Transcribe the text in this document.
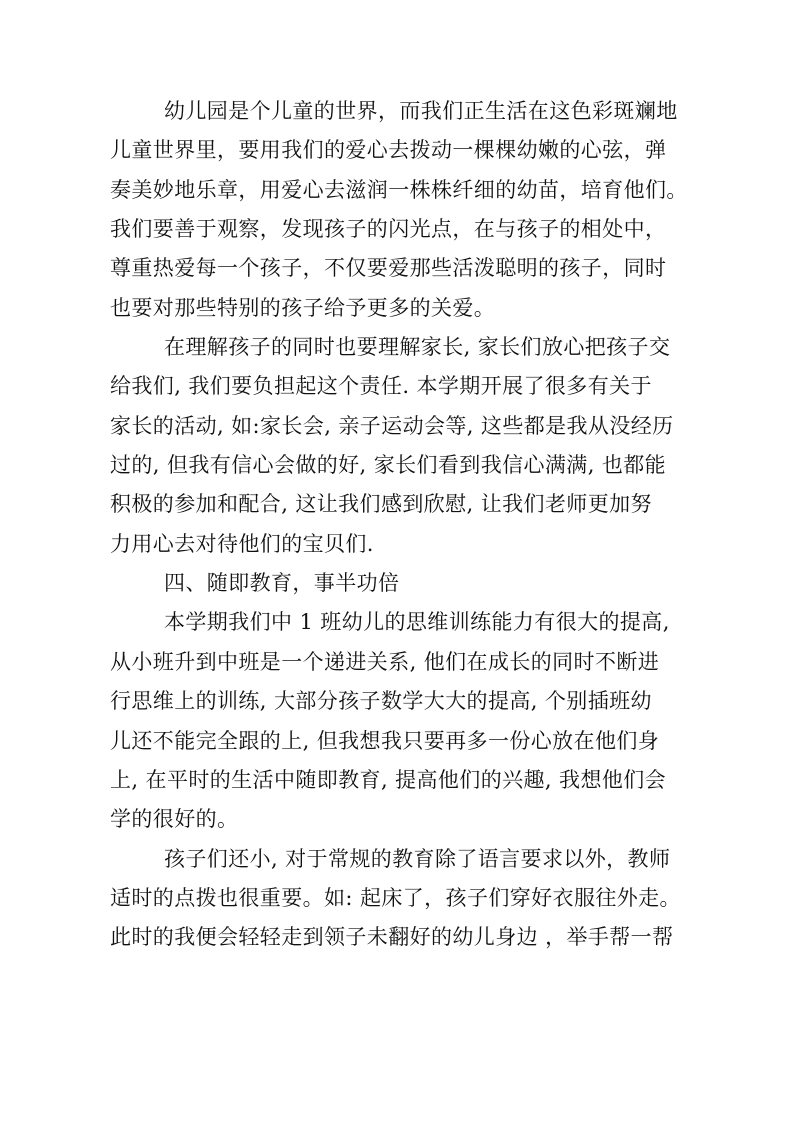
幼儿园是个儿童的世界，而我们正生活在这色彩斑斓地
儿童世界里，要用我们的爱心去拨动一棵棵幼嫩的心弦，弹
奏美妙地乐章，用爱心去滋润一株株纤细的幼苗，培育他们。
我们要善于观察，发现孩子的闪光点，在与孩子的相处中，
尊重热爱每一个孩子，不仅要爱那些活泼聪明的孩子，同时
也要对那些特别的孩子给予更多的关爱。
在理解孩子的同时也要理解家长, 家长们放心把孩子交
给我们, 我们要负担起这个责任. 本学期开展了很多有关于
家长的活动, 如:家长会, 亲子运动会等, 这些都是我从没经历
过的, 但我有信心会做的好, 家长们看到我信心满满, 也都能
积极的参加和配合, 这让我们感到欣慰, 让我们老师更加努
力用心去对待他们的宝贝们.
四、随即教育，事半功倍
本学期我们中 1 班幼儿的思维训练能力有很大的提高,
从小班升到中班是一个递进关系, 他们在成长的同时不断进
行思维上的训练, 大部分孩子数学大大的提高, 个别插班幼
儿还不能完全跟的上, 但我想我只要再多一份心放在他们身
上, 在平时的生活中随即教育, 提高他们的兴趣, 我想他们会
学的很好的。
孩子们还小, 对于常规的教育除了语言要求以外，教师
适时的点拨也很重要。如: 起床了，孩子们穿好衣服往外走。
此时的我便会轻轻走到领子未翻好的幼儿身边 ，举手帮一帮
